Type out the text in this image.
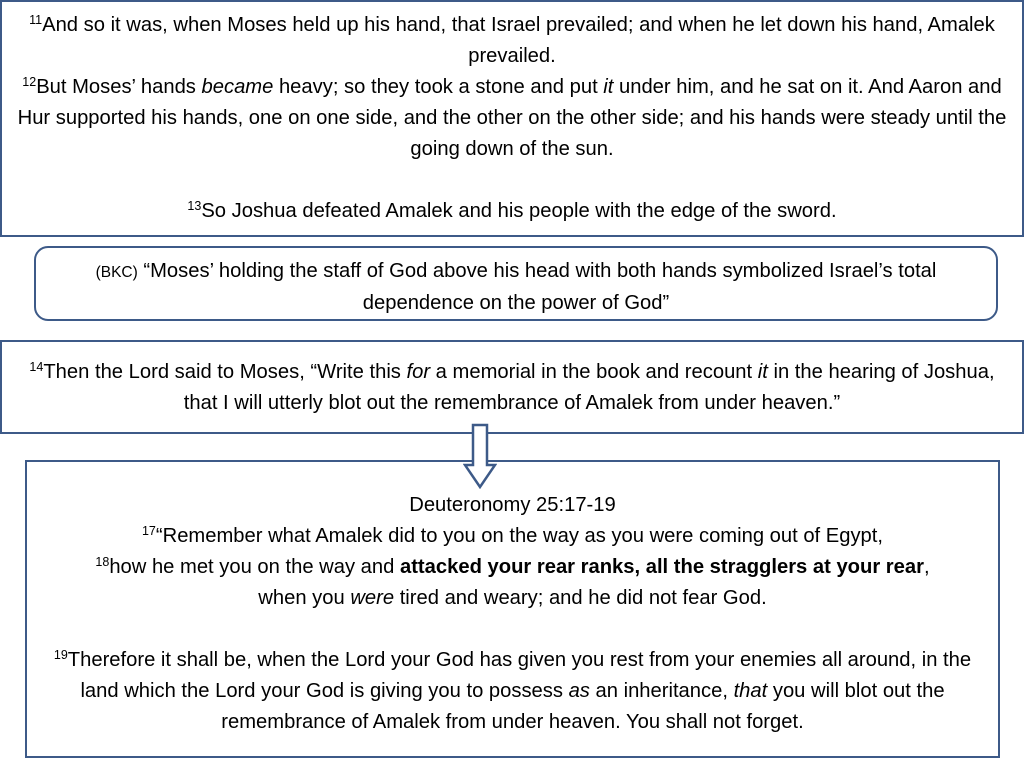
$^{11}$And so it was, when Moses held up his hand, that Israel prevailed; and when he let down his hand, Amalek prevailed.

$^{12}$But Moses’ hands became heavy; so they took a stone and put it under him, and he sat on it. And Aaron and Hur supported his hands, one on one side, and the other on the other side; and his hands were steady until the going down of the sun.

$^{13}$So Joshua defeated Amalek and his people with the edge of the sword.

(BKC) “Moses’ holding the staff of God above his head with both hands symbolized Israel’s total dependence on the power of God”

$^{14}$Then the Lord said to Moses, “Write this for a memorial in the book and recount it in the hearing of Joshua, that I will utterly blot out the remembrance of Amalek from under heaven.”

Deuteronomy 25:17-19

$^{17}$“Remember what Amalek did to you on the way as you were coming out of Egypt,

$^{18}$how he met you on the way and attacked your rear ranks, all the stragglers at your rear,
when you were tired and weary; and he did not fear God.

$^{19}$Therefore it shall be, when the Lord your God has given you rest from your enemies all around, in the land which the Lord your God is giving you to possess as an inheritance, that you will blot out the remembrance of Amalek from under heaven. You shall not forget.
